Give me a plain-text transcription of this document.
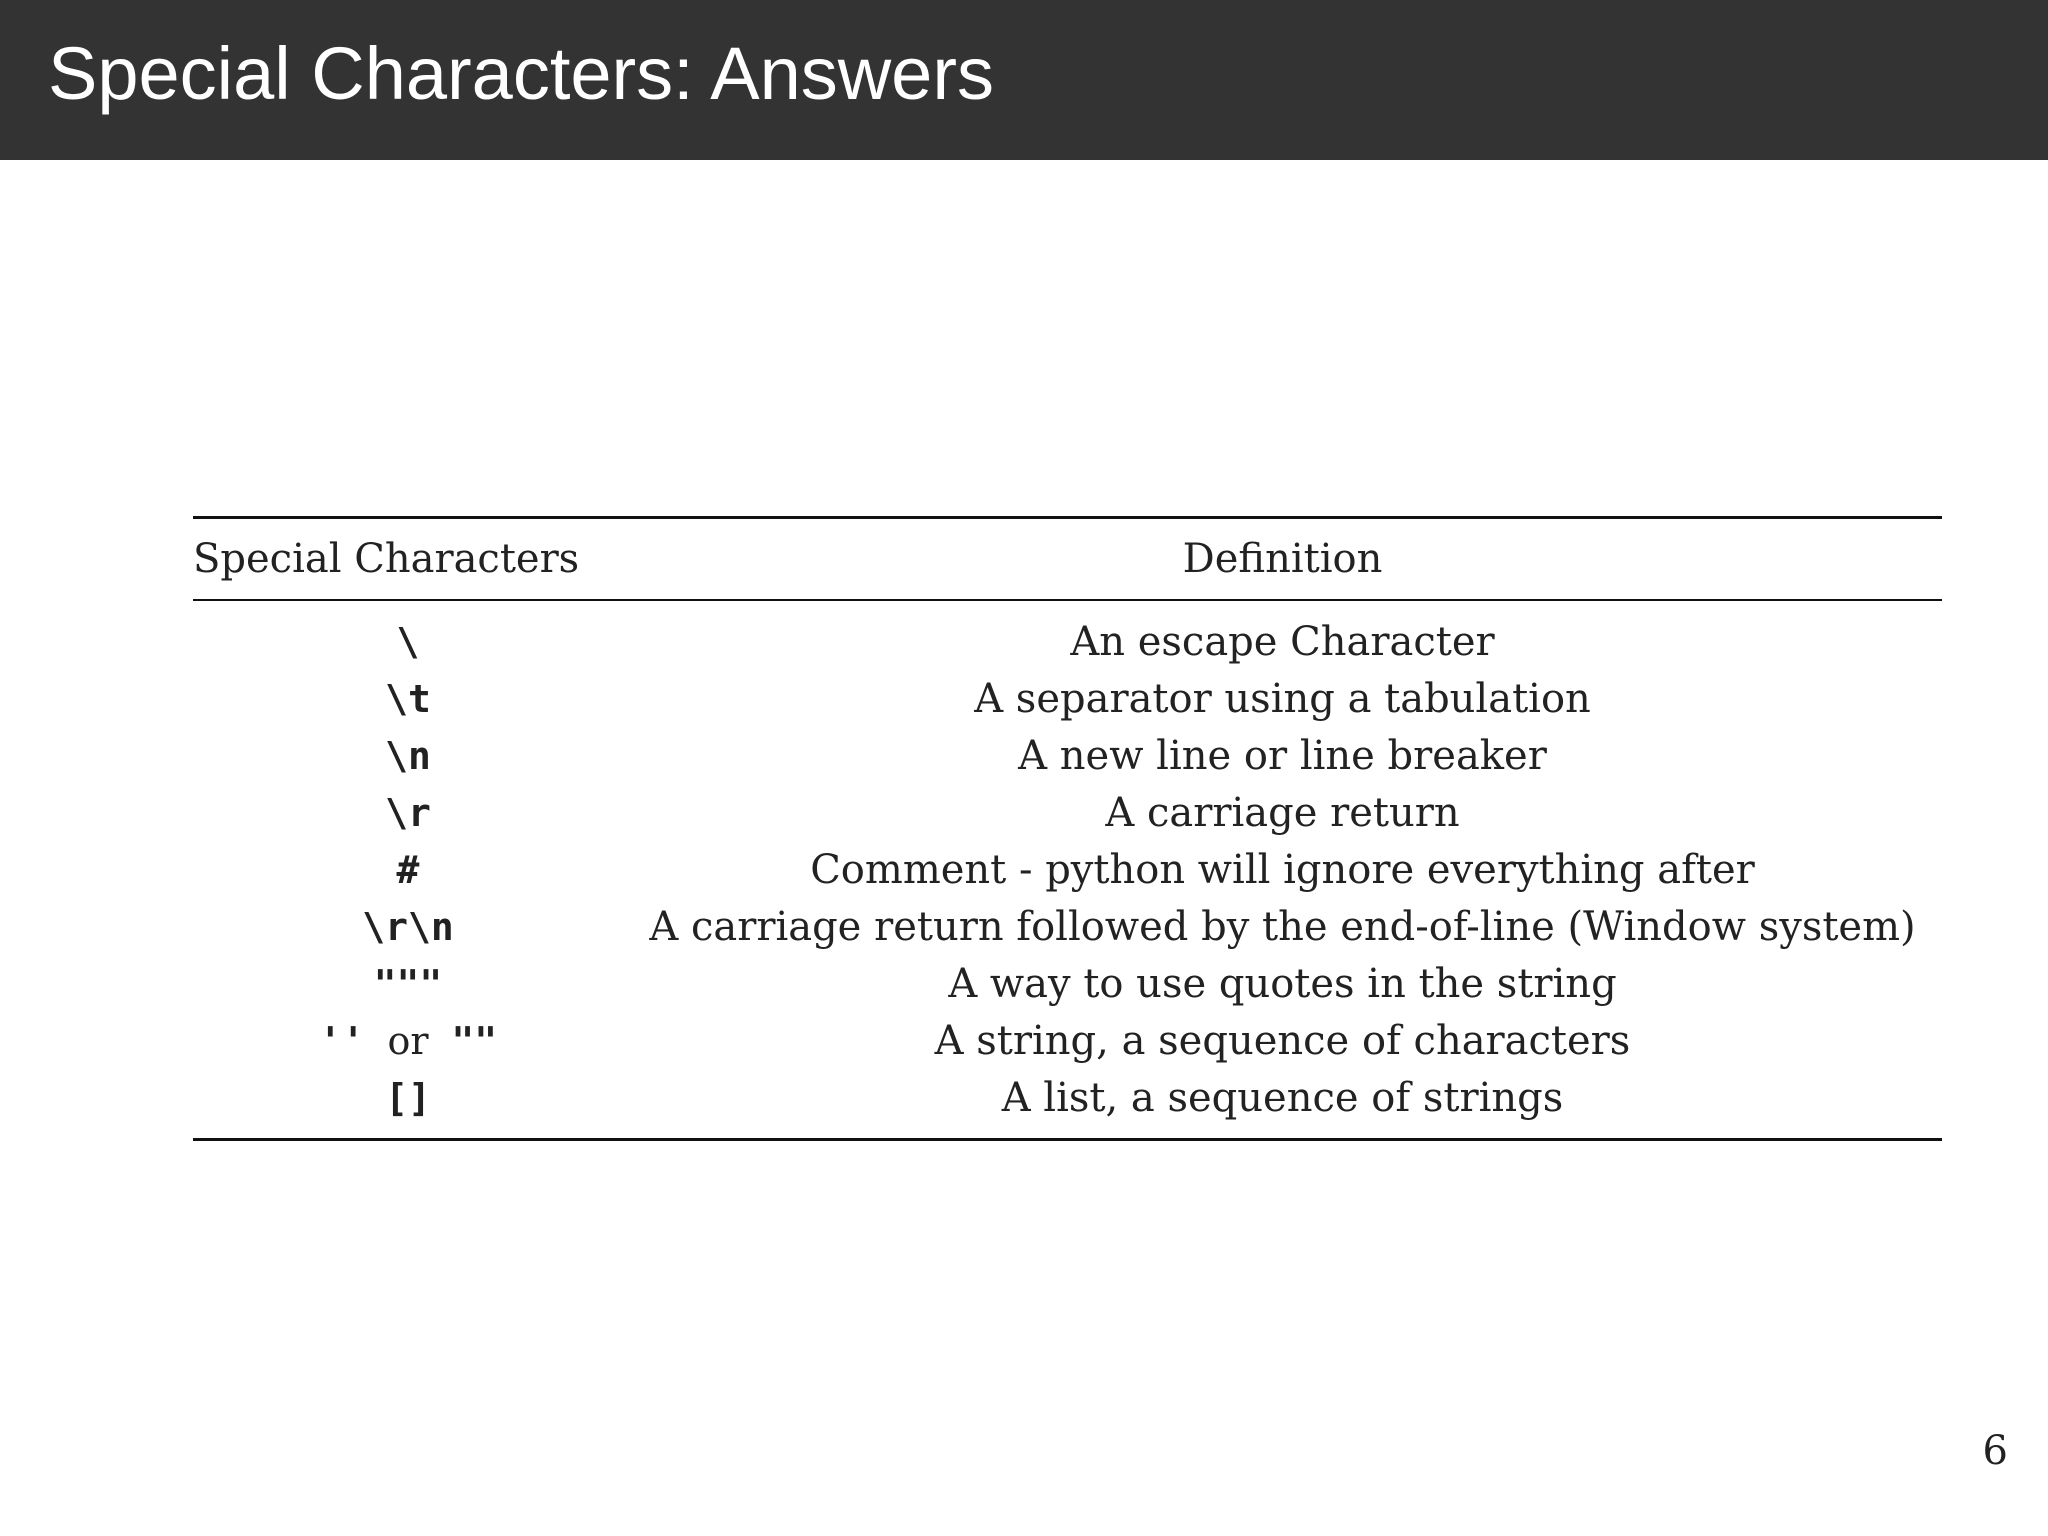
Special Characters: Answers
Special Characters	Definition
\	An escape Character
\t	A separator using a tabulation
\n	A new line or line breaker
\r	A carriage return
#	Comment - python will ignore everything after
\r\n	A carriage return followed by the end-of-line (Window system)
"""	A way to use quotes in the string
'' or ""	A string, a sequence of characters
[]	A list, a sequence of strings
6
